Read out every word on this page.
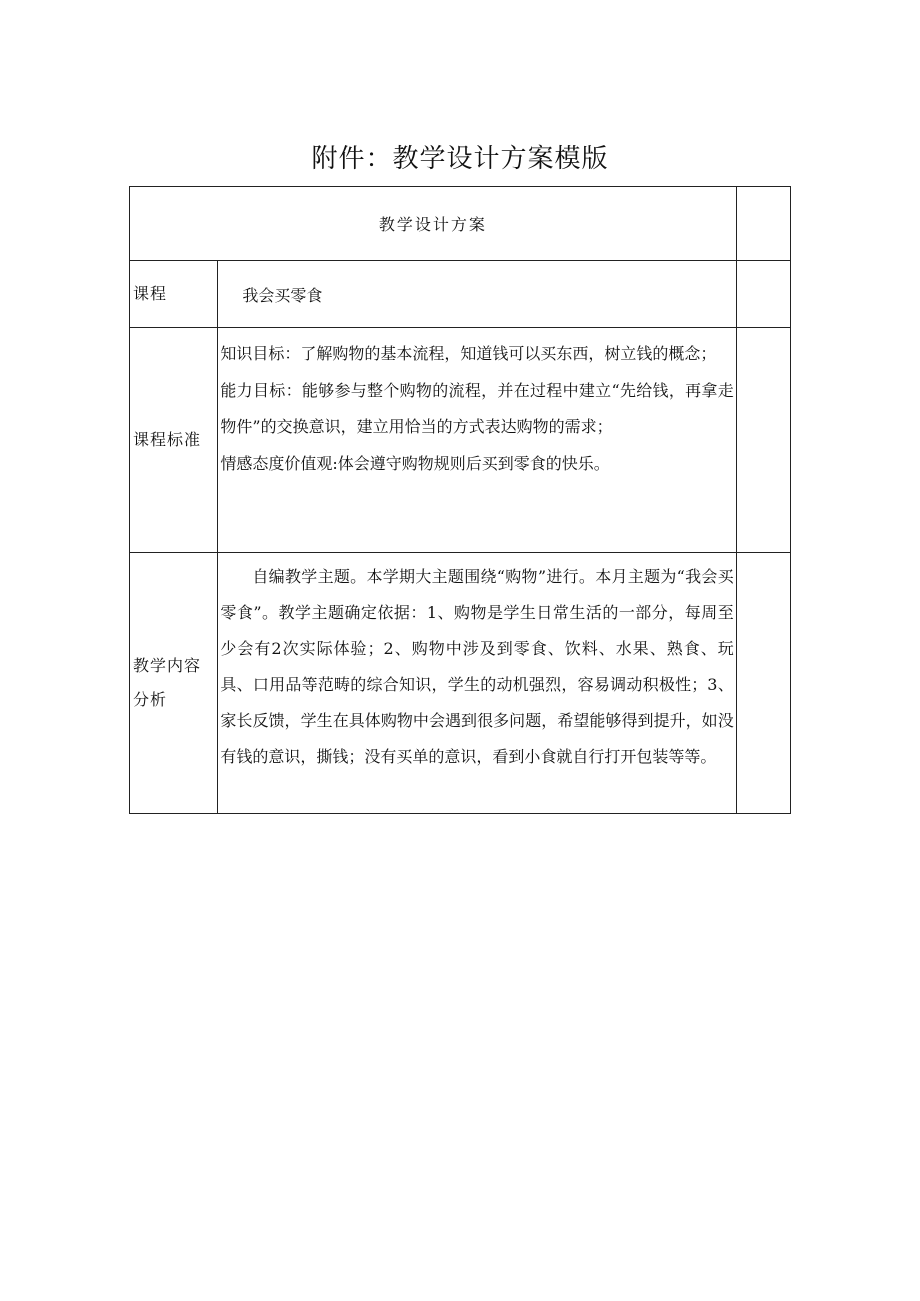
附件：教学设计方案模版
教学设计方案		
课程	我会买零食	
课程标准	知识目标：了解购物的基本流程，知道钱可以买东西，树立钱的概念；

能力目标：能够参与整个购物的流程，并在过程中建立“先给钱，再拿走物件”的交换意识，建立用恰当的方式表达购物的需求；

情感态度价值观:体会遵守购物规则后买到零食的快乐。	

教学内容分析	自编教学主题。本学期大主题围绕“购物”进行。本月主题为“我会买零食”。教学主题确定依据：1、购物是学生日常生活的一部分，每周至少会有2次实际体验；2、购物中涉及到零食、饮料、水果、熟食、玩具、口用品等范畴的综合知识，学生的动机强烈，容易调动积极性；3、家长反馈，学生在具体购物中会遇到很多问题，希望能够得到提升，如没有钱的意识，撕钱；没有买单的意识，看到小食就自行打开包装等等。	
